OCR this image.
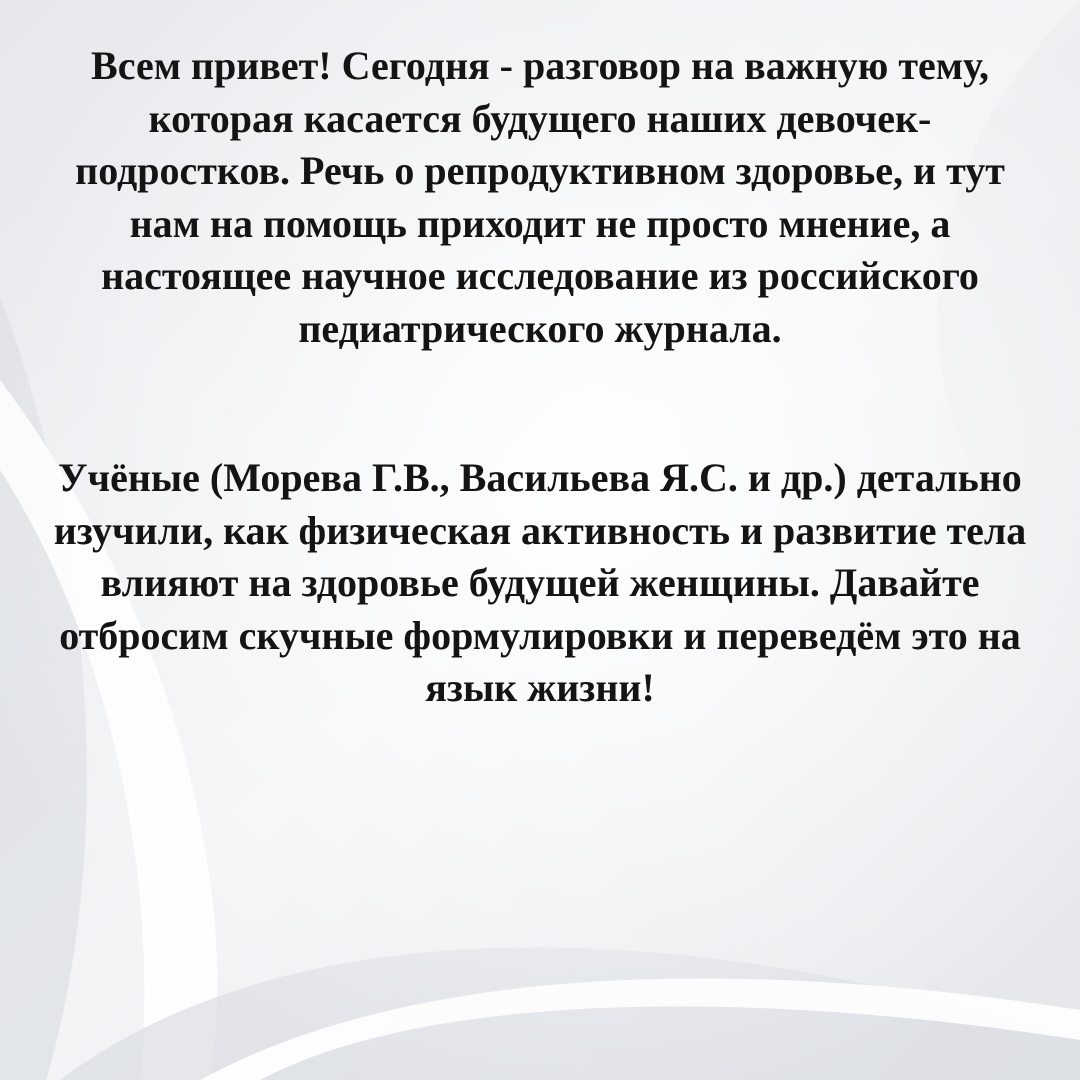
Всем привет! Сегодня - разговор на важную тему,
которая касается будущего наших девочек-
подростков. Речь о репродуктивном здоровье, и тут
нам на помощь приходит не просто мнение, а
настоящее научное исследование из российского
педиатрического журнала.

Учёные (Морева Г.В., Васильева Я.С. и др.) детально
изучили, как физическая активность и развитие тела
влияют на здоровье будущей женщины. Давайте
отбросим скучные формулировки и переведём это на
язык жизни!
